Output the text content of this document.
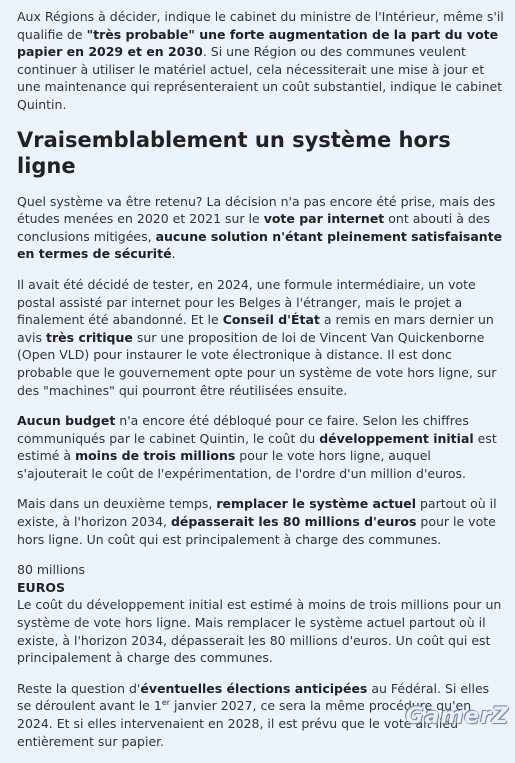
Aux Régions à décider, indique le cabinet du ministre de l'Intérieur, même s'il qualifie de "très probable" une forte augmentation de la part du vote papier en 2029 et en 2030. Si une Région ou des communes veulent continuer à utiliser le matériel actuel, cela nécessiterait une mise à jour et une maintenance qui représenteraient un coût substantiel, indique le cabinet Quintin.

Vraisemblablement un système hors ligne

Quel système va être retenu? La décision n'a pas encore été prise, mais des études menées en 2020 et 2021 sur le vote par internet ont abouti à des conclusions mitigées, aucune solution n'étant pleinement satisfaisante en termes de sécurité.

Il avait été décidé de tester, en 2024, une formule intermédiaire, un vote postal assisté par internet pour les Belges à l'étranger, mais le projet a finalement été abandonné. Et le Conseil d'État a remis en mars dernier un avis très critique sur une proposition de loi de Vincent Van Quickenborne (Open VLD) pour instaurer le vote électronique à distance. Il est donc probable que le gouvernement opte pour un système de vote hors ligne, sur des "machines" qui pourront être réutilisées ensuite.

Aucun budget n'a encore été débloqué pour ce faire. Selon les chiffres communiqués par le cabinet Quintin, le coût du développement initial est estimé à moins de trois millions pour le vote hors ligne, auquel s'ajouterait le coût de l'expérimentation, de l'ordre d'un million d'euros.

Mais dans un deuxième temps, remplacer le système actuel partout où il existe, à l'horizon 2034, dépasserait les 80 millions d'euros pour le vote hors ligne. Un coût qui est principalement à charge des communes.

80 millions
EUROS

Le coût du développement initial est estimé à moins de trois millions pour un système de vote hors ligne. Mais remplacer le système actuel partout où il existe, à l'horizon 2034, dépasserait les 80 millions d'euros. Un coût qui est principalement à charge des communes.

Reste la question d'éventuelles élections anticipées au Fédéral. Si elles se déroulent avant le 1er janvier 2027, ce sera la même procédure qu'en 2024. Et si elles intervenaient en 2028, il est prévu que le vote ait lieu entièrement sur papier.

GamerZ
